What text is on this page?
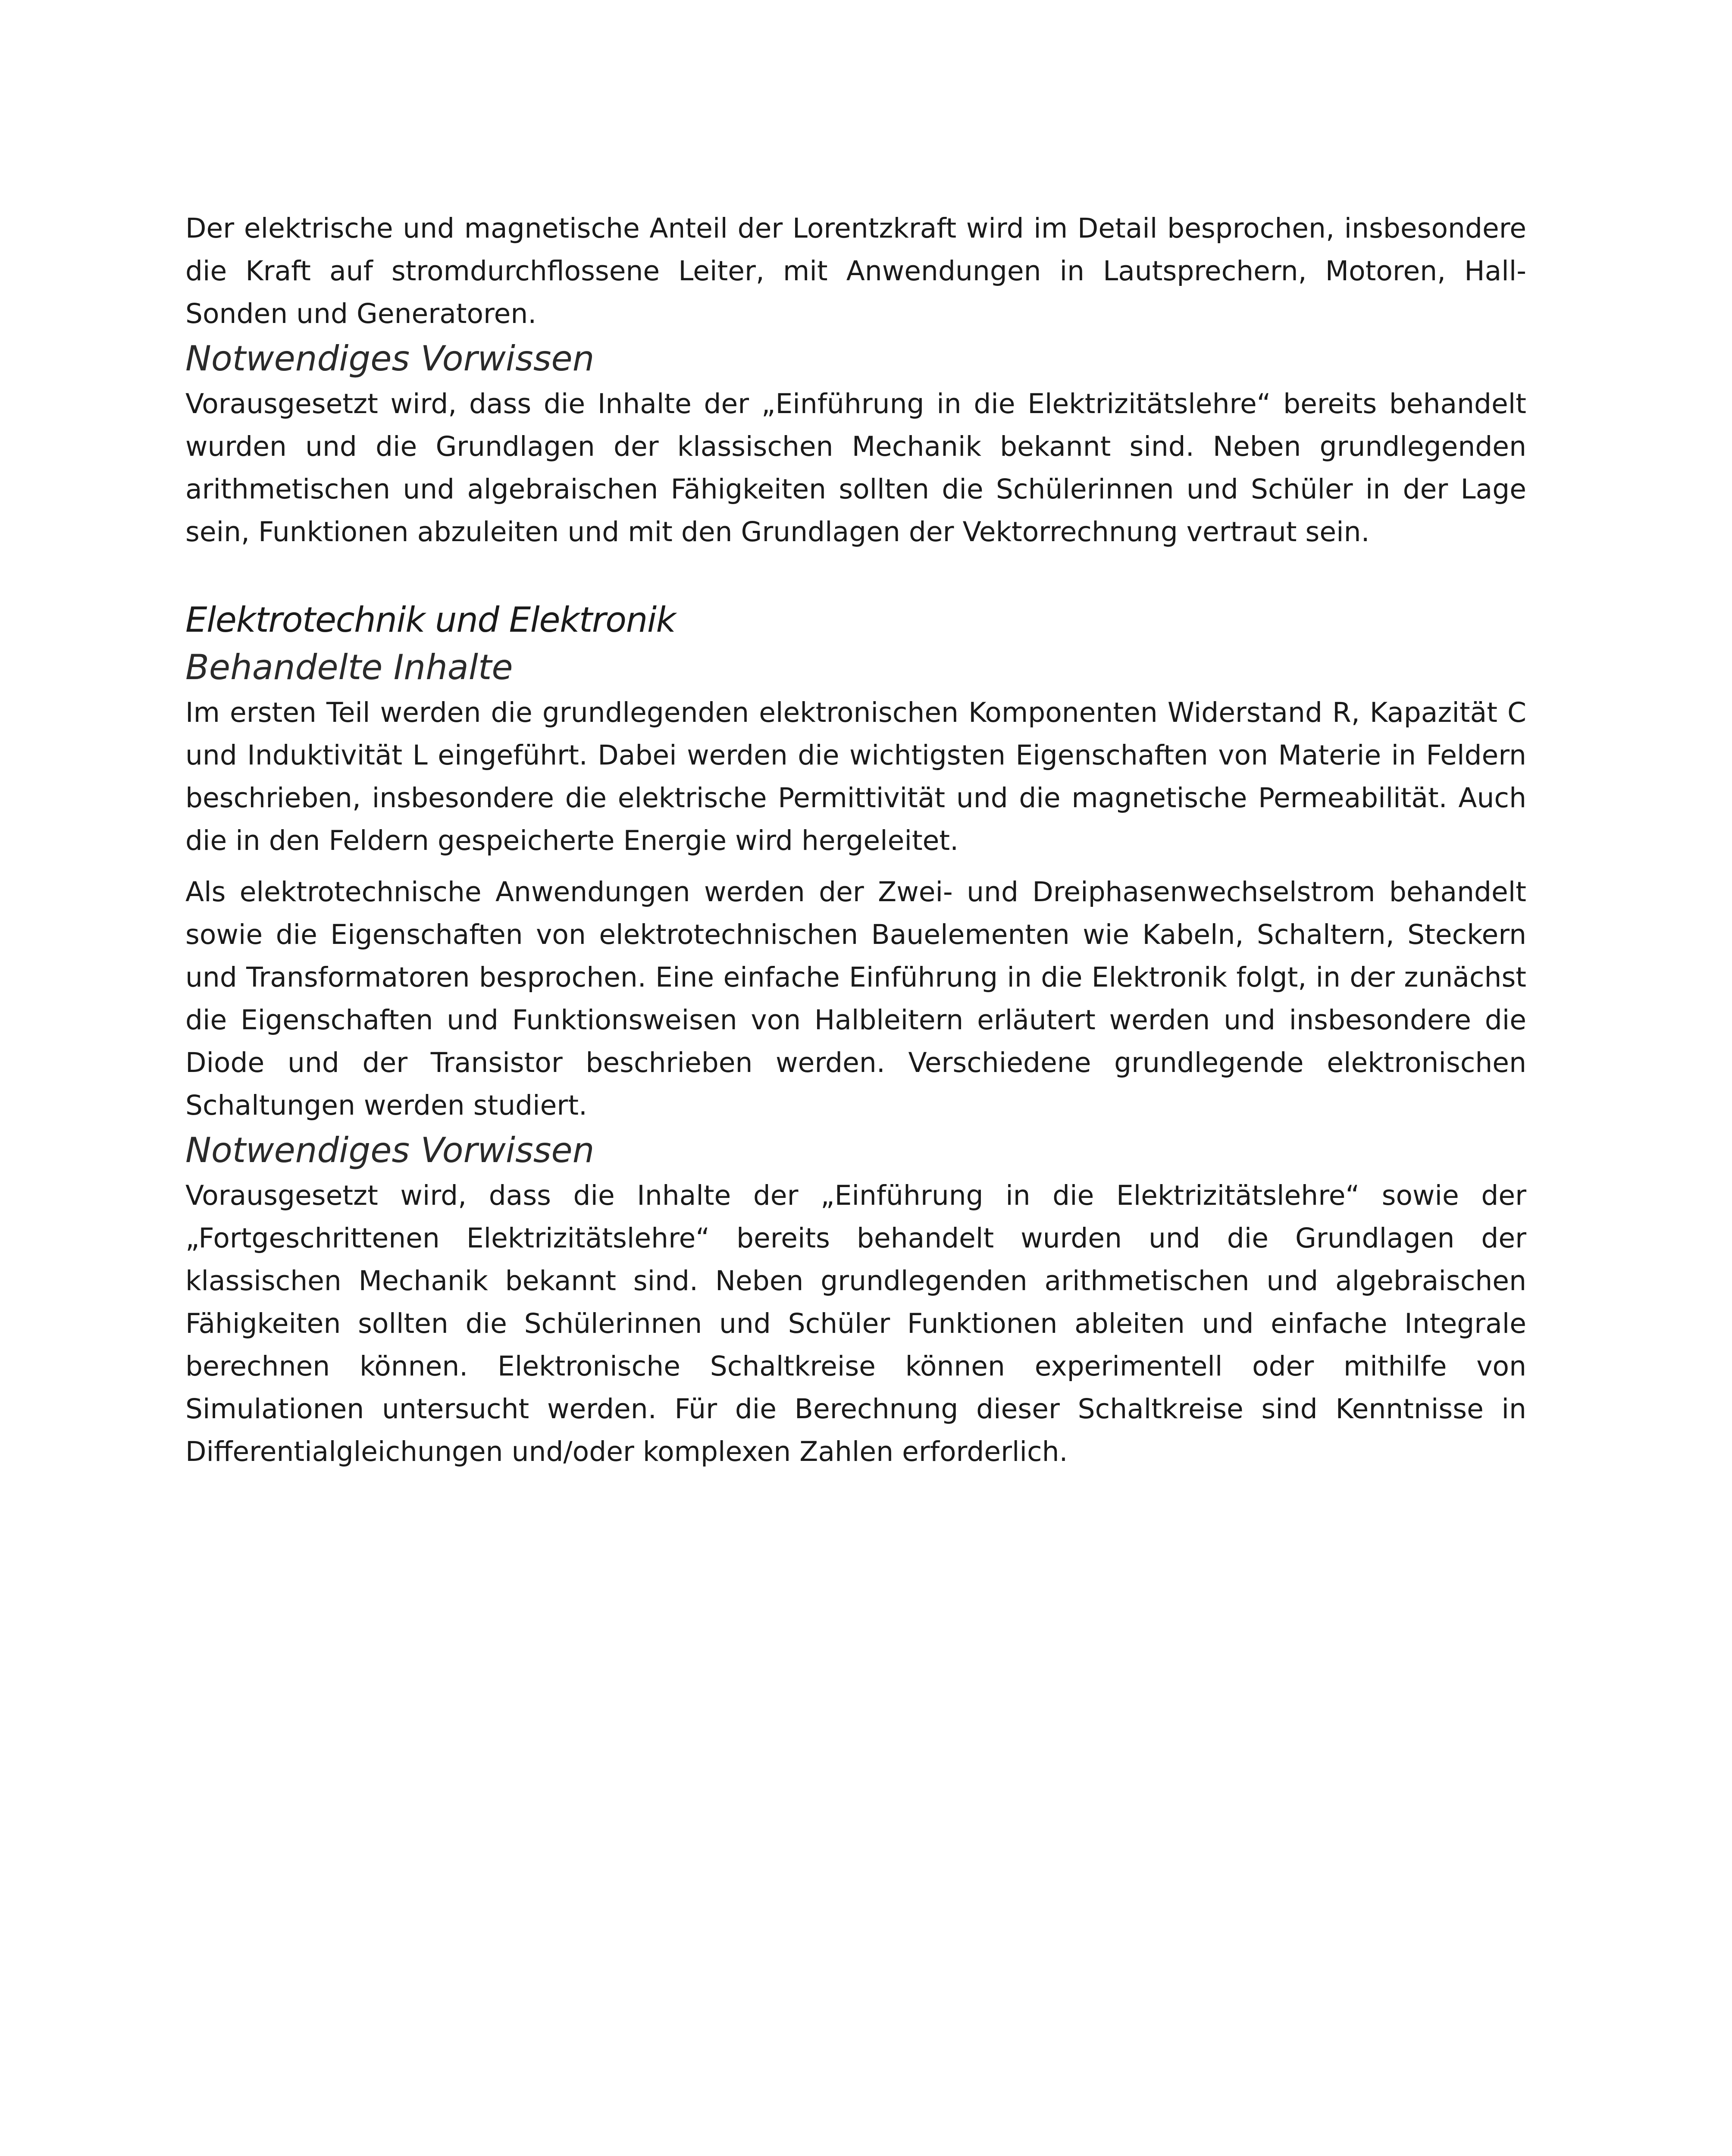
Der elektrische und magnetische Anteil der Lorentzkraft wird im Detail besprochen, insbesondere die Kraft auf stromdurchflossene Leiter, mit Anwendungen in Lautsprechern, Motoren, Hall-Sonden und Generatoren.

Notwendiges Vorwissen

Vorausgesetzt wird, dass die Inhalte der „Einführung in die Elektrizitätslehre“ bereits behandelt wurden und die Grundlagen der klassischen Mechanik bekannt sind. Neben grundlegenden arithmetischen und algebraischen Fähigkeiten sollten die Schülerinnen und Schüler in der Lage sein, Funktionen abzuleiten und mit den Grundlagen der Vektorrechnung vertraut sein.

Elektrotechnik und Elektronik
Behandelte Inhalte

Im ersten Teil werden die grundlegenden elektronischen Komponenten Widerstand R, Kapazität C und Induktivität L eingeführt. Dabei werden die wichtigsten Eigenschaften von Materie in Feldern beschrieben, insbesondere die elektrische Permittivität und die magnetische Permeabilität. Auch die in den Feldern gespeicherte Energie wird hergeleitet.

Als elektrotechnische Anwendungen werden der Zwei- und Dreiphasenwechselstrom behandelt sowie die Eigenschaften von elektrotechnischen Bauelementen wie Kabeln, Schaltern, Steckern und Transformatoren besprochen. Eine einfache Einführung in die Elektronik folgt, in der zunächst die Eigenschaften und Funktionsweisen von Halbleitern erläutert werden und insbesondere die Diode und der Transistor beschrieben werden. Verschiedene grundlegende elektronischen Schaltungen werden studiert.

Notwendiges Vorwissen

Vorausgesetzt wird, dass die Inhalte der „Einführung in die Elektrizitätslehre“ sowie der „Fortgeschrittenen Elektrizitätslehre“ bereits behandelt wurden und die Grundlagen der klassischen Mechanik bekannt sind. Neben grundlegenden arithmetischen und algebraischen Fähigkeiten sollten die Schülerinnen und Schüler Funktionen ableiten und einfache Integrale berechnen können. Elektronische Schaltkreise können experimentell oder mithilfe von Simulationen untersucht werden. Für die Berechnung dieser Schaltkreise sind Kenntnisse in Differentialgleichungen und/oder komplexen Zahlen erforderlich.
